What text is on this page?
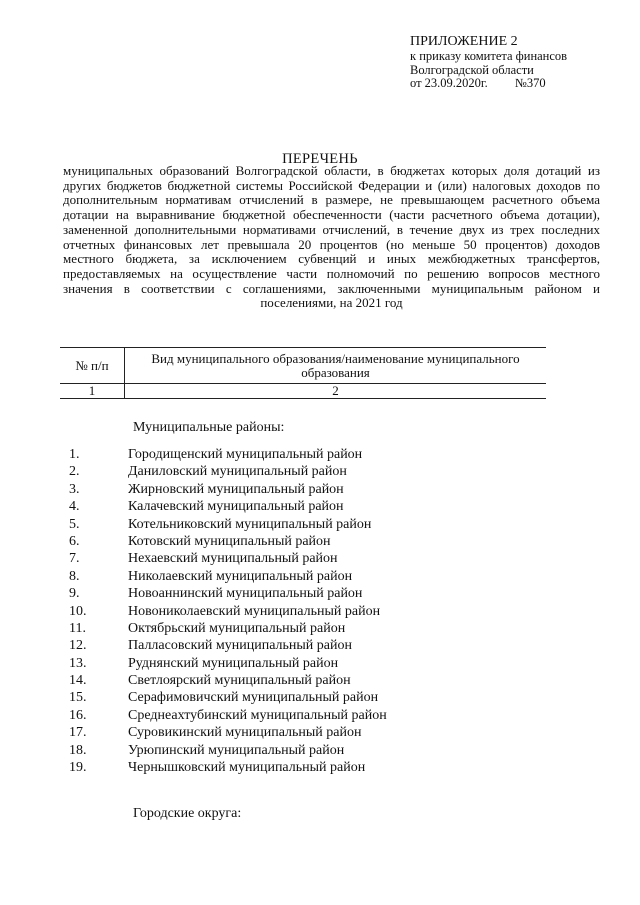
ПРИЛОЖЕНИЕ 2
к приказу комитета финансов
Волгоградской области
от 23.09.2020г. №370
ПЕРЕЧЕНЬ
муниципальных образований Волгоградской области, в бюджетах которых доля дотаций из других бюджетов бюджетной системы Российской Федерации и (или) налоговых доходов по дополнительным нормативам отчислений в размере, не превышающем расчетного объема дотации на выравнивание бюджетной обеспеченности (части расчетного объема дотации), замененной дополнительными нормативами отчислений, в течение двух из трех последних отчетных финансовых лет превышала 20 процентов (но меньше 50 процентов) доходов местного бюджета, за исключением субвенций и иных межбюджетных трансфертов, предоставляемых на осуществление части полномочий по решению вопросов местного значения в соответствии с соглашениями, заключенными муниципальным районом и поселениями, на 2021 год
№ п/п	Вид муниципального образования/наименование муниципального образования
1	2
Муниципальные районы:
1.	Городищенский муниципальный район
2.	Даниловский муниципальный район
3.	Жирновский муниципальный район
4.	Калачевский муниципальный район
5.	Котельниковский муниципальный район
6.	Котовский муниципальный район
7.	Нехаевский муниципальный район
8.	Николаевский муниципальный район
9.	Новоаннинский муниципальный район
10.	Новониколаевский муниципальный район
11.	Октябрьский муниципальный район
12.	Палласовский муниципальный район
13.	Руднянский муниципальный район
14.	Светлоярский муниципальный район
15.	Серафимовичский муниципальный район
16.	Среднеахтубинский муниципальный район
17.	Суровикинский муниципальный район
18.	Урюпинский муниципальный район
19.	Чернышковский муниципальный район
Городские округа:
